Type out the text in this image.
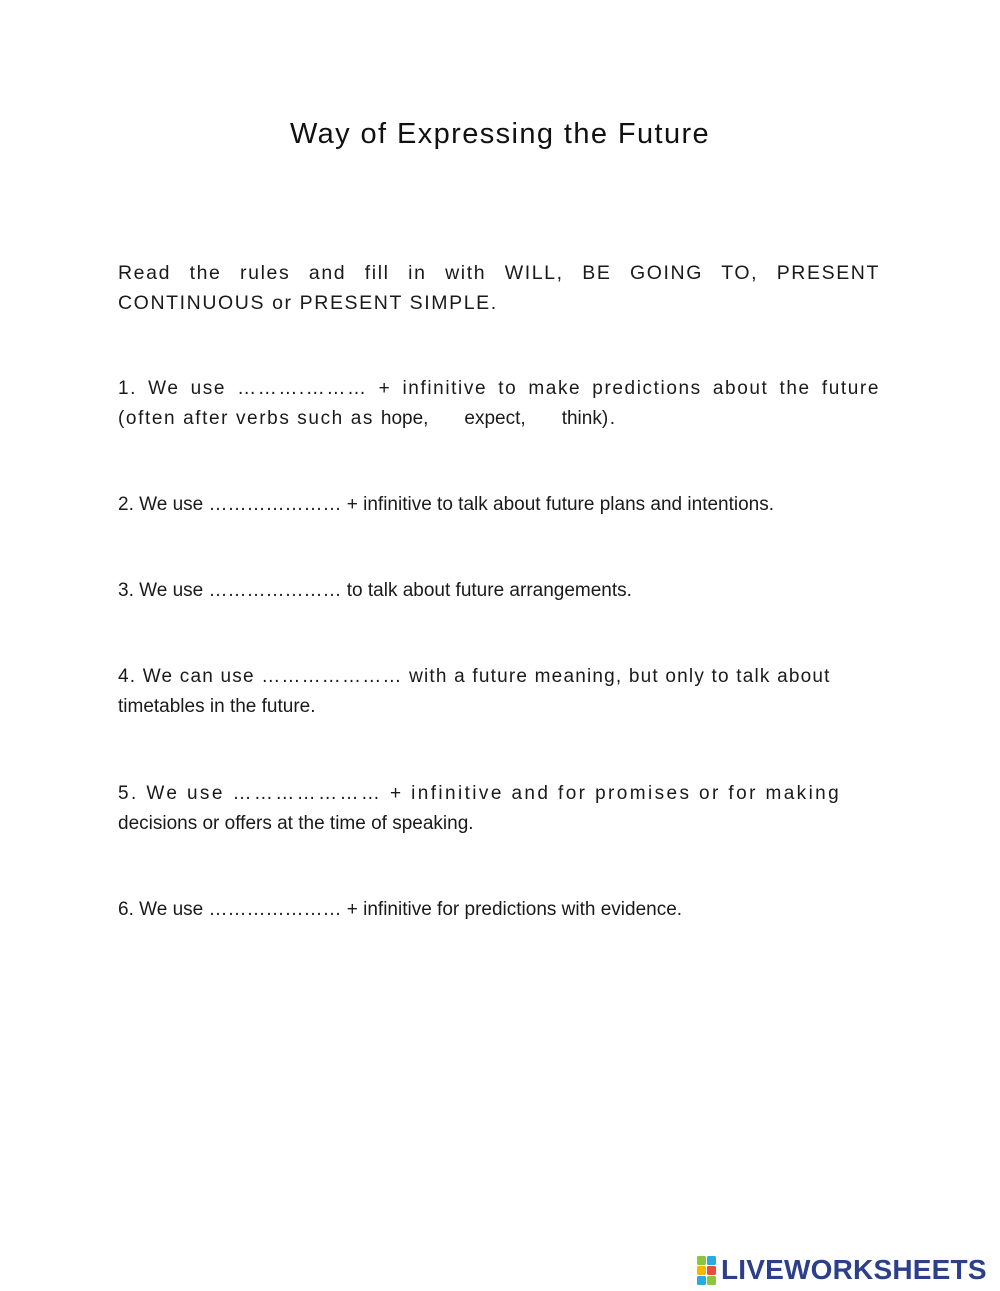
Way of Expressing the Future
Read the rules and fill in with WILL, BE GOING TO, PRESENT CONTINUOUS or PRESENT SIMPLE.
1. We use ……….……… + infinitive to make predictions about the future (often after verbs such as hope, expect, think).
2. We use ………………… + infinitive to talk about future plans and intentions.
3. We use ………………… to talk about future arrangements.
4. We can use ………………… with a future meaning, but only to talk about
timetables in the future.
5. We use ………………… + infinitive and for promises or for making
decisions or offers at the time of speaking.
6. We use ………………… + infinitive for predictions with evidence.
LIVEWORKSHEETS
